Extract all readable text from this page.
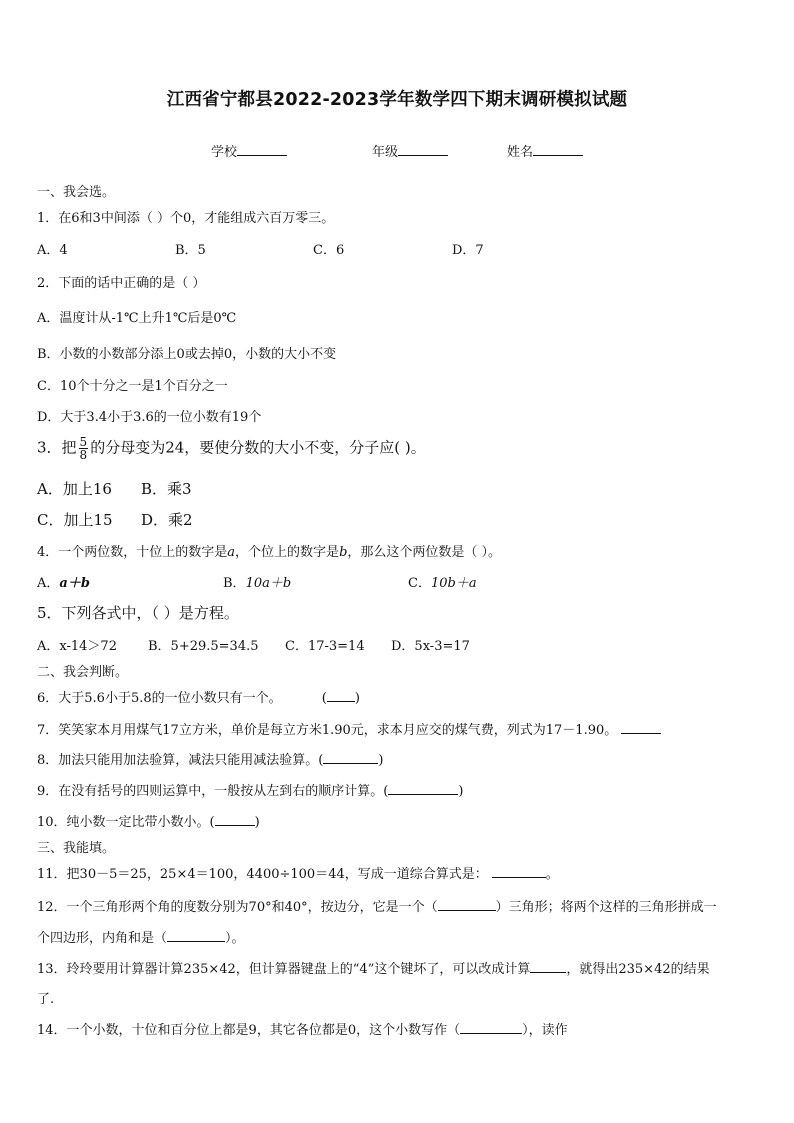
江西省宁都县2022-2023学年数学四下期末调研模拟试题
学校	年级	姓名
一、我会选。
1．在6和3中间添（ ）个0，才能组成六百万零三。
A．4	B．5	C．6	D．7
2．下面的话中正确的是（ ）
A．温度计从-1℃上升1℃后是0℃
B．小数的小数部分添上0或去掉0，小数的大小不变
C．10个十分之一是1个百分之一
D．大于3.4小于3.6的一位小数有19个
3．把 $\frac{5}{8}$ 的分母变为24，要使分数的大小不变，分子应( )。
A．加上16 B．乘3
C．加上15 D．乘2
4．一个两位数，十位上的数字是a，个位上的数字是b，那么这个两位数是（ ）。
A．a＋b	B．10a＋b	C．10b＋a
5．下列各式中，（ ）是方程。
A．x-14＞72 B．5+29.5=34.5 C．17-3=14 D．5x-3=17
二、我会判断。
6．大于5.6小于5.8的一位小数只有一个。	( )
7．笑笑家本月用煤气17立方米，单价是每立方米1.90元，求本月应交的煤气费，列式为17－1.90。
8．加法只能用加法验算，减法只能用减法验算。(	)
9．在没有括号的四则运算中，一般按从左到右的顺序计算。(	)
10．纯小数一定比带小数小。(	)
三、我能填。
11．把30－5＝25，25×4＝100，4400÷100＝44，写成一道综合算式是：	。
12．一个三角形两个角的度数分别为70°和40°，按边分，它是一个（	）三角形；将两个这样的三角形拼成一
个四边形，内角和是（	）。
13．玲玲要用计算器计算235×42，但计算器键盘上的“4”这个键坏了，可以改成计算	，就得出235×42的结果
了.
14．一个小数，十位和百分位上都是9，其它各位都是0，这个小数写作（	），读作
